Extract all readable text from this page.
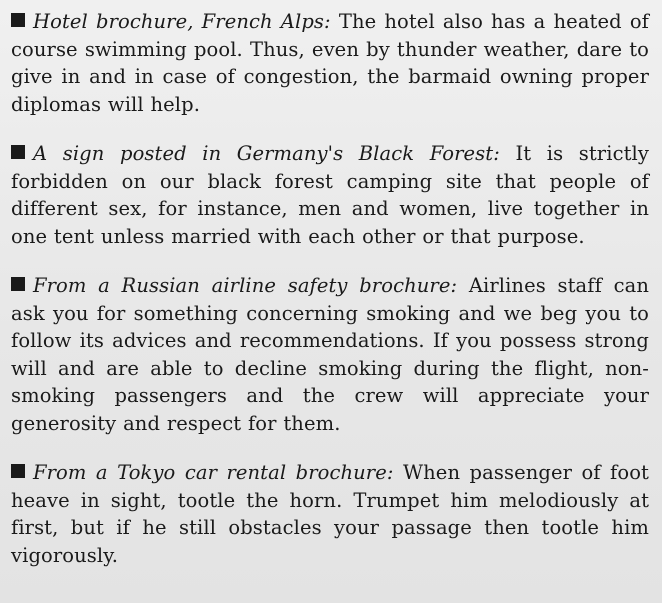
Hotel brochure, French Alps: The hotel also has a heated of course swimming pool. Thus, even by thunder weather, dare to give in and in case of congestion, the barmaid owning proper diplomas will help.

A sign posted in Germany's Black Forest: It is strictly forbidden on our black forest camping site that people of different sex, for instance, men and women, live together in one tent unless married with each other or that purpose.

From a Russian airline safety brochure: Airlines staff can ask you for something concerning smoking and we beg you to follow its advices and recommendations. If you possess strong will and are able to decline smoking during the flight, non-smoking passengers and the crew will appreciate your generosity and respect for them.

From a Tokyo car rental brochure: When passenger of foot heave in sight, tootle the horn. Trumpet him melodiously at first, but if he still obstacles your passage then tootle him vigorously.
